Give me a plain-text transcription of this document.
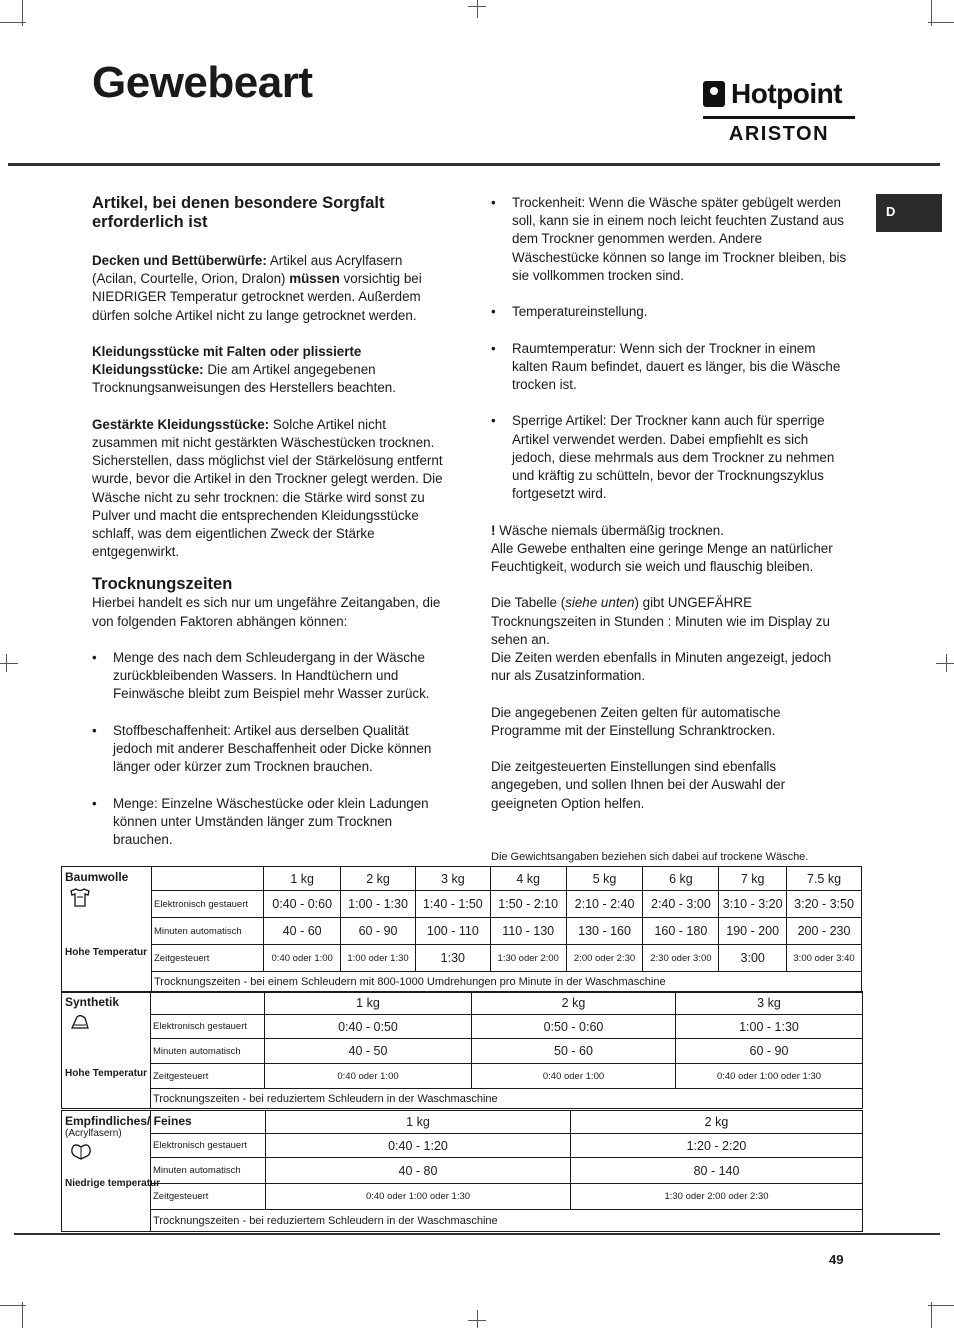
Gewebeart	Hotpoint
ARISTON
D
Artikel, bei denen besondere Sorgfalt erforderlich ist

Decken und Bettüberwürfe: Artikel aus Acrylfasern (Acilan, Courtelle, Orion, Dralon) müssen vorsichtig bei NIEDRIGER Temperatur getrocknet werden. Außerdem dürfen solche Artikel nicht zu lange getrocknet werden.

Kleidungsstücke mit Falten oder plissierte Kleidungsstücke: Die am Artikel angegebenen Trocknungsanweisungen des Herstellers beachten.

Gestärkte Kleidungsstücke: Solche Artikel nicht zusammen mit nicht gestärkten Wäschestücken trocknen. Sicherstellen, dass möglichst viel der Stärkelösung entfernt wurde, bevor die Artikel in den Trockner gelegt werden. Die Wäsche nicht zu sehr trocknen: die Stärke wird sonst zu Pulver und macht die entsprechenden Kleidungsstücke schlaff, was dem eigentlichen Zweck der Stärke entgegenwirkt.

Trocknungszeiten

Hierbei handelt es sich nur um ungefähre Zeitangaben, die von folgenden Faktoren abhängen können:

• Menge des nach dem Schleudergang in der Wäsche zurückbleibenden Wassers. In Handtüchern und Feinwäsche bleibt zum Beispiel mehr Wasser zurück.
• Stoffbeschaffenheit: Artikel aus derselben Qualität jedoch mit anderer Beschaffenheit oder Dicke können länger oder kürzer zum Trocknen brauchen.
• Menge: Einzelne Wäschestücke oder klein Ladungen können unter Umständen länger zum Trocknen brauchen.
• Trockenheit: Wenn die Wäsche später gebügelt werden soll, kann sie in einem noch leicht feuchten Zustand aus dem Trockner genommen werden. Andere Wäschestücke können so lange im Trockner bleiben, bis sie vollkommen trocken sind.
• Temperatureinstellung.
• Raumtemperatur: Wenn sich der Trockner in einem kalten Raum befindet, dauert es länger, bis die Wäsche trocken ist.
• Sperrige Artikel: Der Trockner kann auch für sperrige Artikel verwendet werden. Dabei empfiehlt es sich jedoch, diese mehrmals aus dem Trockner zu nehmen und kräftig zu schütteln, bevor der Trocknungszyklus fortgesetzt wird.

! Wäsche niemals übermäßig trocknen.

Alle Gewebe enthalten eine geringe Menge an natürlicher Feuchtigkeit, wodurch sie weich und flauschig bleiben.

Die Tabelle (siehe unten) gibt UNGEFÄHRE Trocknungszeiten in Stunden : Minuten wie im Display zu sehen an.
Die Zeiten werden ebenfalls in Minuten angezeigt, jedoch nur als Zusatzinformation.

Die angegebenen Zeiten gelten für automatische Programme mit der Einstellung Schranktrocken.

Die zeitgesteuerten Einstellungen sind ebenfalls angegeben, und sollen Ihnen bei der Auswahl der geeigneten Option helfen.

Die Gewichtsangaben beziehen sich dabei auf trockene Wäsche.
Baumwolle
Hohe Temperatur		1 kg	2 kg	3 kg	4 kg	5 kg	6 kg	7 kg	7.5 kg
	Elektronisch gestauert	0:40 - 0:60	1:00 - 1:30	1:40 - 1:50	1:50 - 2:10	2:10 - 2:40	2:40 - 3:00	3:10 - 3:20	3:20 - 3:50
	Minuten automatisch	40 - 60	60 - 90	100 - 110	110 - 130	130 - 160	160 - 180	190 - 200	200 - 230
	Zeitgesteuert	0:40 oder 1:00	1:00 oder 1:30	1:30	1:30 oder 2:00	2:00 oder 2:30	2:30 oder 3:00	3:00	3:00 oder 3:40
	Trocknungszeiten - bei einem Schleudern mit 800-1000 Umdrehungen pro Minute in der Waschmaschine								
Synthetik
Hohe Temperatur		1 kg	2 kg	3 kg
	Elektronisch gestauert	0:40 - 0:50	0:50 - 0:60	1:00 - 1:30
	Minuten automatisch	40 - 50	50 - 60	60 - 90
	Zeitgesteuert	0:40 oder 1:00	0:40 oder 1:00	0:40 oder 1:00 oder 1:30
	Trocknungszeiten - bei reduziertem Schleudern in der Waschmaschine			
Empfindliches/ Feines
(Acrylfasern)
Niedrige temperatur		1 kg	2 kg
	Elektronisch gestauert	0:40 - 1:20	1:20 - 2:20
	Minuten automatisch	40 - 80	80 - 140
	Zeitgesteuert	0:40 oder 1:00 oder 1:30	1:30 oder 2:00 oder 2:30
	Trocknungszeiten - bei reduziertem Schleudern in der Waschmaschine		
49
